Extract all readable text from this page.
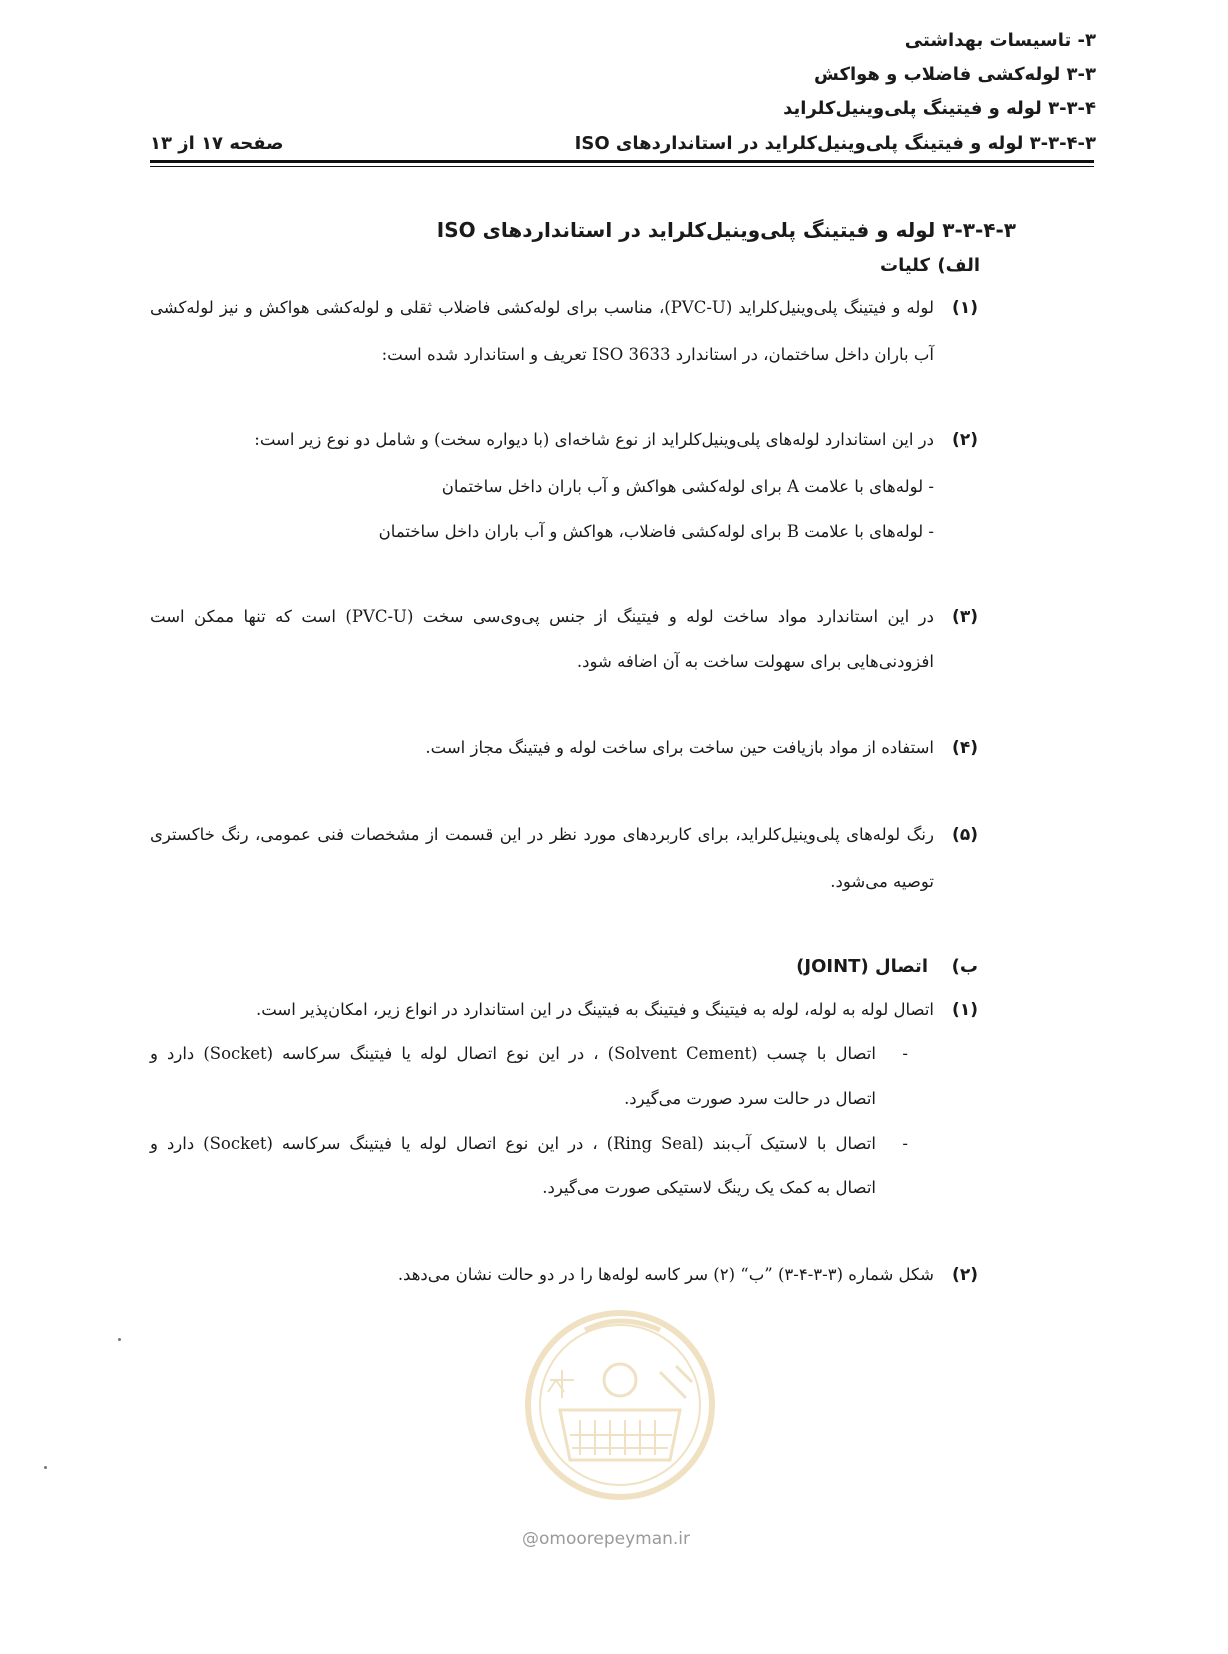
۳- تاسیسات بهداشتی
۳-۳ لوله‌کشی فاضلاب و هواکش
۳-۳-۴ لوله و فیتینگ پلی‌وینیل‌کلراید
۳-۳-۴-۳ لوله و فیتینگ پلی‌وینیل‌کلراید در استانداردهای ISO
صفحه ۱۷ از ۱۳
۳-۳-۴-۳ لوله و فیتینگ پلی‌وینیل‌کلراید در استانداردهای ISO
الف)
کلیات
(۱)
لوله و فیتینگ پلی‌وینیل‌کلراید (PVC-U)، مناسب برای لوله‌کشی فاضلاب ثقلی و لوله‌کشی هواکش و نیز لوله‌کشی
آب باران داخل ساختمان، در استاندارد ISO 3633 تعریف و استاندارد شده است:
(۲)
در این استاندارد لوله‌های پلی‌وینیل‌کلراید از نوع شاخه‌ای (با دیواره سخت) و شامل دو نوع زیر است:
- لوله‌های با علامت A برای لوله‌کشی هواکش و آب باران داخل ساختمان
- لوله‌های با علامت B برای لوله‌کشی فاضلاب، هواکش و آب باران داخل ساختمان
(۳)
در این استاندارد مواد ساخت لوله و فیتینگ از جنس پی‌وی‌سی سخت (PVC-U) است که تنها ممکن است
افزودنی‌هایی برای سهولت ساخت به آن اضافه شود.
(۴)
استفاده از مواد بازیافت حین ساخت برای ساخت لوله و فیتینگ مجاز است.
(۵)
رنگ لوله‌های پلی‌وینیل‌کلراید، برای کاربردهای مورد نظر در این قسمت از مشخصات فنی عمومی، رنگ خاکستری
توصیه می‌شود.
ب)
اتصال (JOINT)
(۱)
اتصال لوله به لوله، لوله به فیتینگ و فیتینگ به فیتینگ در این استاندارد در انواع زیر، امکان‌پذیر است.
-
اتصال با چسب (Solvent Cement) ، در این نوع اتصال لوله یا فیتینگ سرکاسه (Socket) دارد و
اتصال در حالت سرد صورت می‌گیرد.
-
اتصال با لاستیک آب‌بند (Ring Seal) ، در این نوع اتصال لوله یا فیتینگ سرکاسه (Socket) دارد و
اتصال به کمک یک رینگ لاستیکی صورت می‌گیرد.
(۲)
شکل شماره (۳-۳-۴-۳) ”ب“ (۲) سر کاسه لوله‌ها را در دو حالت نشان می‌دهد.
@omoorepeyman.ir
